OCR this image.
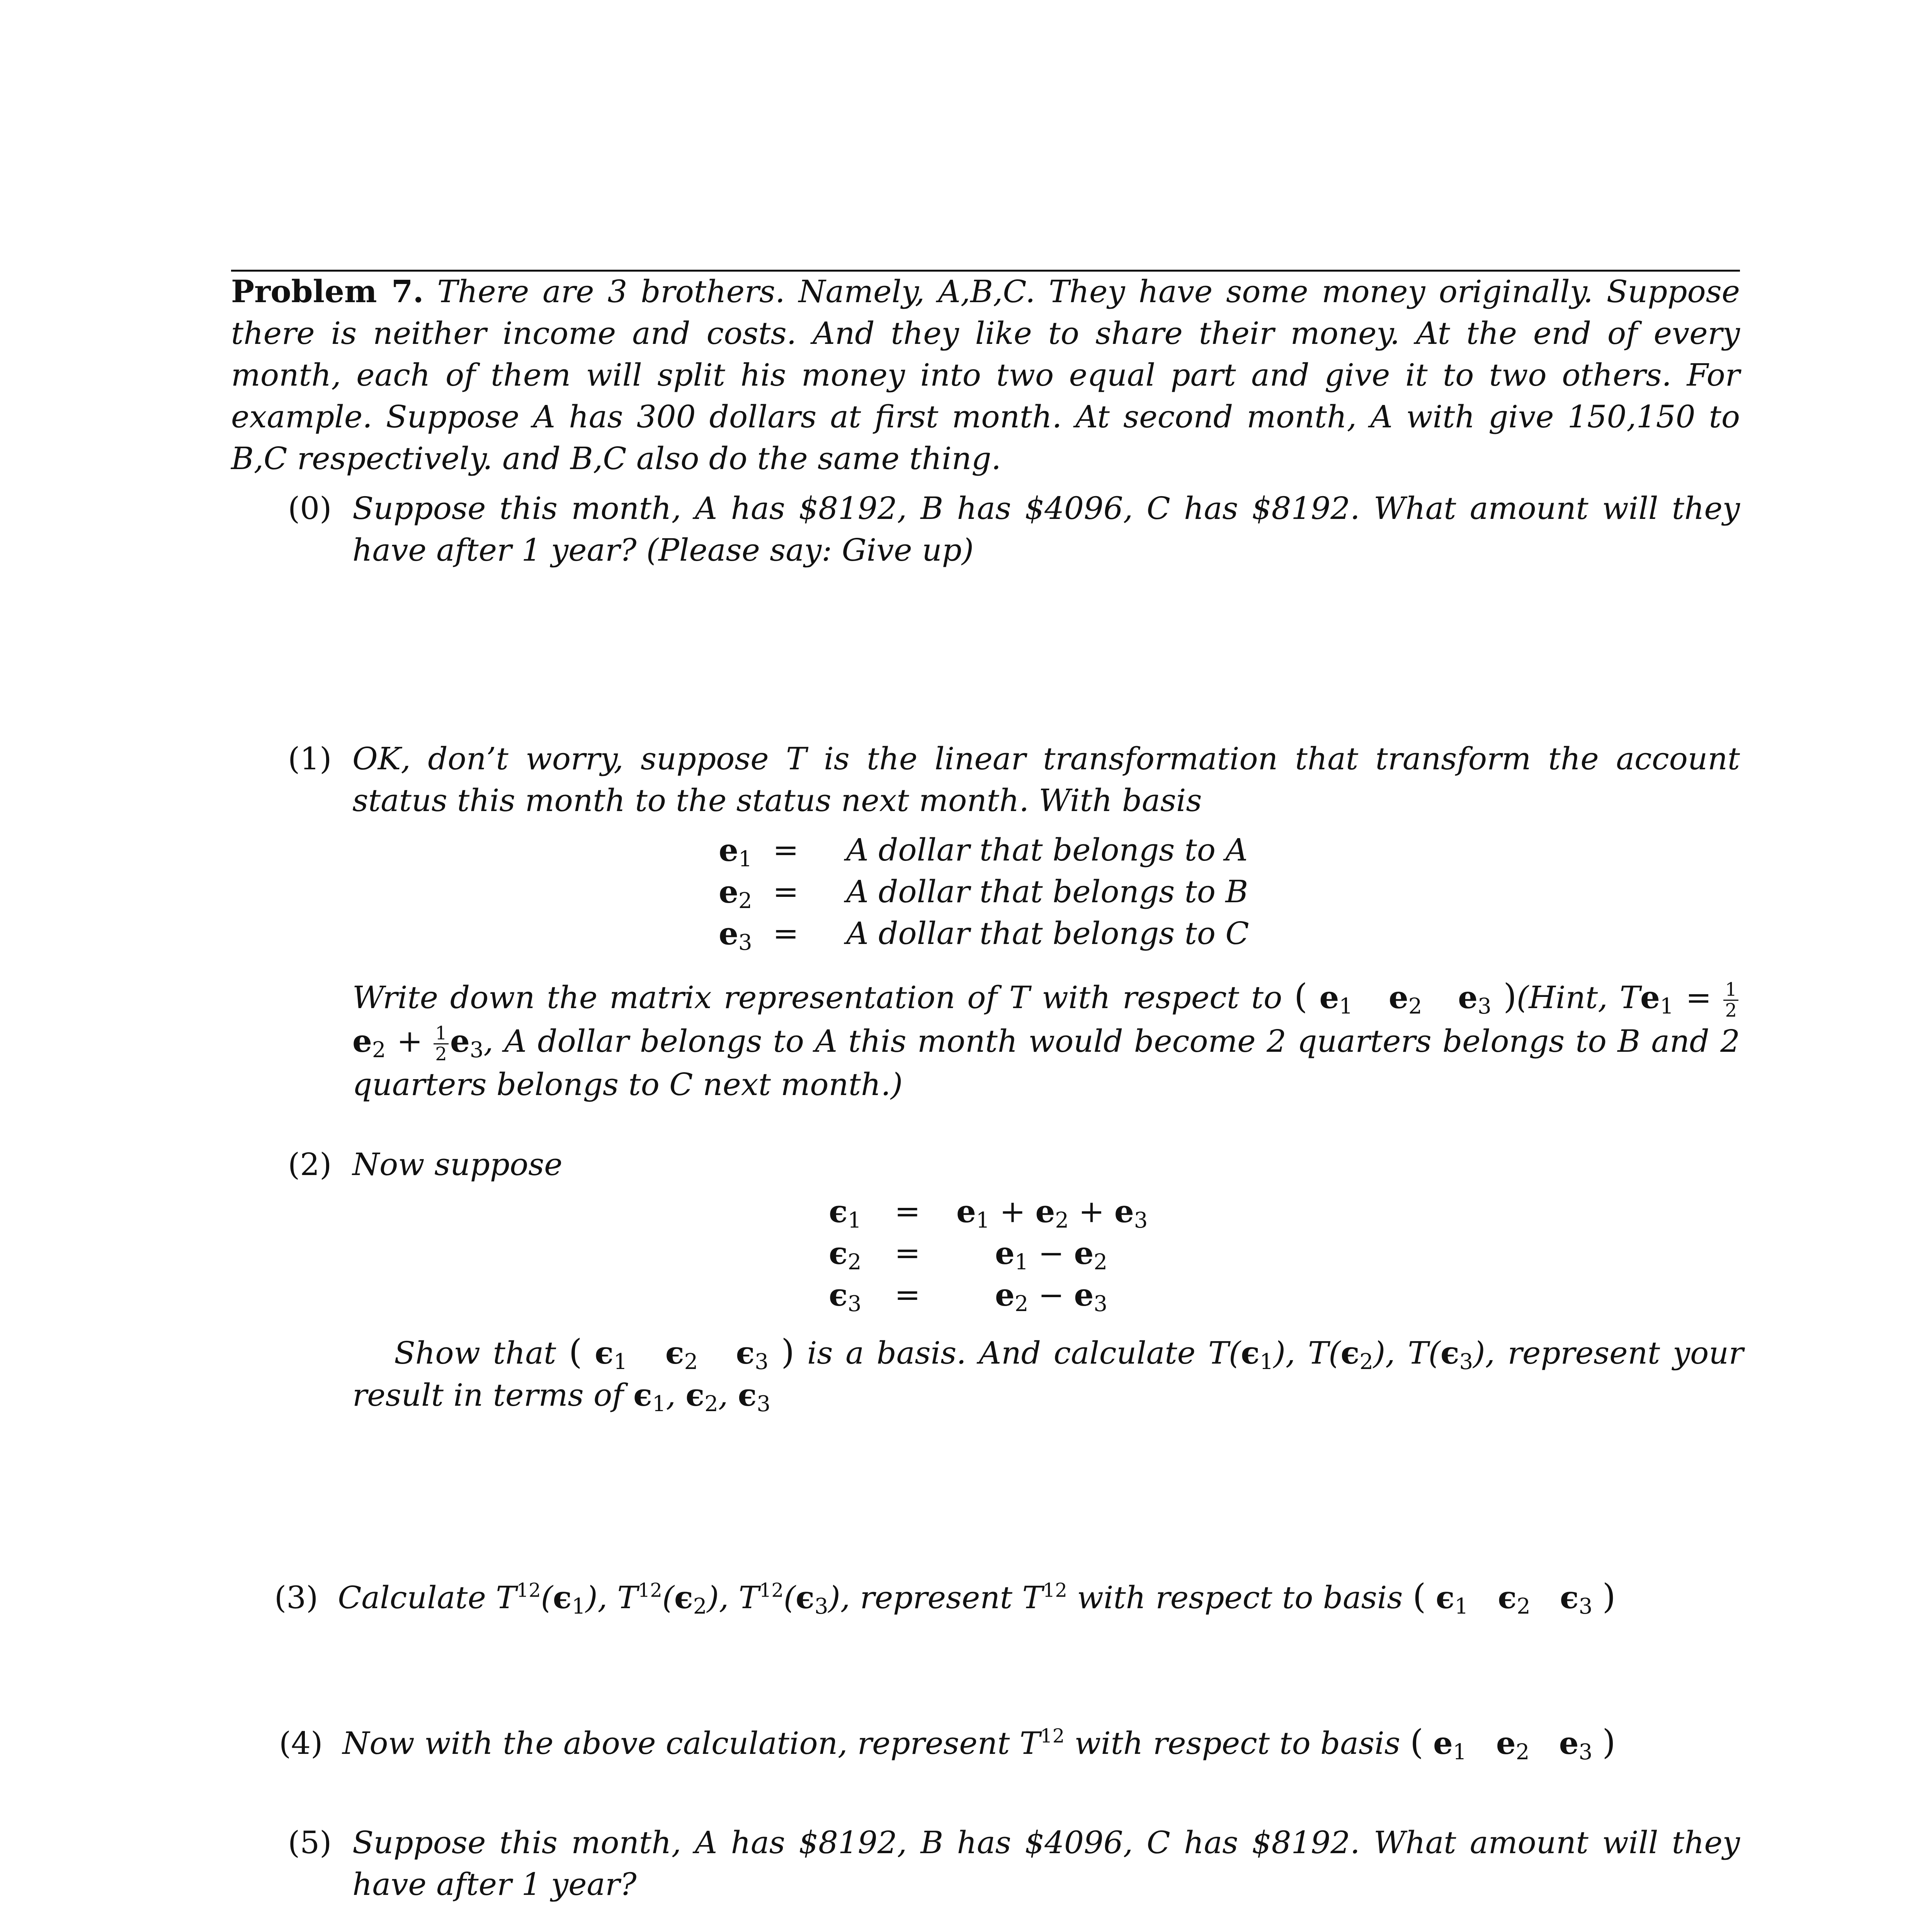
Problem 7. There are 3 brothers. Namely, A,B,C. They have some money originally. Suppose there is neither income and costs. And they like to share their money. At the end of every month, each of them will split his money into two equal part and give it to two others. For example. Suppose A has 300 dollars at first month. At second month, A with give 150,150 to B,C respectively. and B,C also do the same thing.
(0) Suppose this month, A has $8192, B has $4096, C has $8192. What amount will they have after 1 year? (Please say: Give up)
(1) OK, don’t worry, suppose T is the linear transformation that transform the account status this month to the status next month. With basis
$e_1 = A$ dollar that belongs to A
$e_2 = A$ dollar that belongs to B
$e_3 = A$ dollar that belongs to C
Write down the matrix representation of T with respect to ( $e_1$ $e_2$ $e_3$ )(Hint, $Te_1 = \frac{1}{2}$
$e_2 + \frac{1}{2} e_3$, A dollar belongs to A this month would become 2 quarters belongs to B and 2 quarters belongs to C next month.)
(2) Now suppose
$\epsilon_1 = e_1 + e_2 + e_3$
$\epsilon_2 = e_1 - e_2$
$\epsilon_3 = e_2 - e_3$
Show that ( $\epsilon_1$ $\epsilon_2$ $\epsilon_3$ ) is a basis. And calculate $T(\epsilon_1)$, $T(\epsilon_2)$, $T(\epsilon_3)$, represent your result in terms of $\epsilon_1$, $\epsilon_2$, $\epsilon_3$
(3) Calculate $T^{12}(\epsilon_1)$, $T^{12}(\epsilon_2)$, $T^{12}(\epsilon_3)$, represent $T^{12}$ with respect to basis ( $\epsilon_1$ $\epsilon_2$ $\epsilon_3$ )
(4) Now with the above calculation, represent $T^{12}$ with respect to basis ( $e_1$ $e_2$ $e_3$ )
(5) Suppose this month, A has $8192, B has $4096, C has $8192. What amount will they have after 1 year?
